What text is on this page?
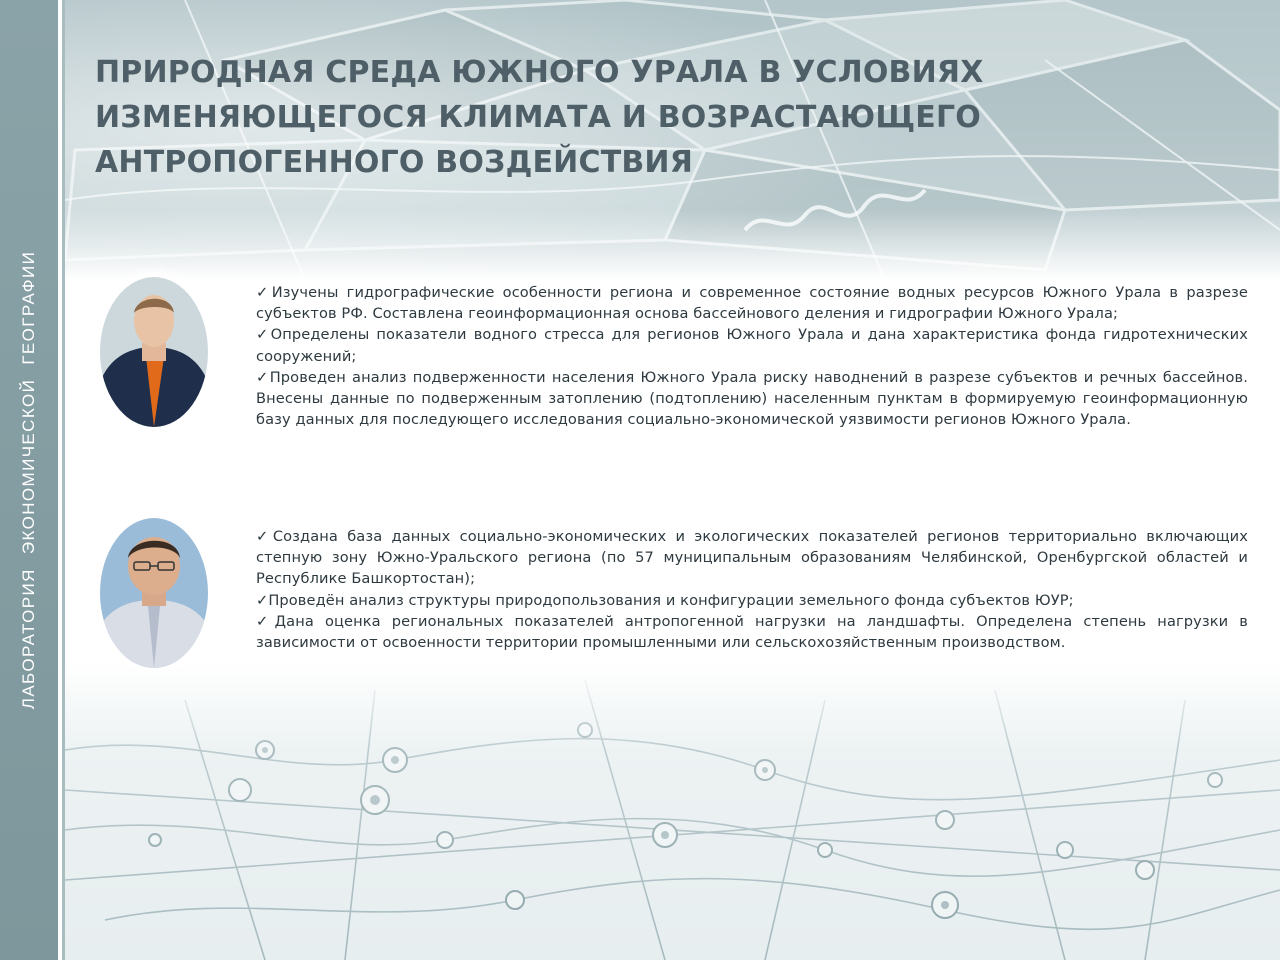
ЛАБОРАТОРИЯ ЭКОНОМИЧЕСКОЙ ГЕОГРАФИИ
ПРИРОДНАЯ СРЕДА ЮЖНОГО УРАЛА В УСЛОВИЯХ ИЗМЕНЯЮЩЕГОСЯ КЛИМАТА И ВОЗРАСТАЮЩЕГО АНТРОПОГЕННОГО ВОЗДЕЙСТВИЯ

✓Изучены гидрографические особенности региона и современное состояние водных ресурсов Южного Урала в разрезе субъектов РФ. Составлена геоинформационная основа бассейнового деления и гидрографии Южного Урала;

✓Определены показатели водного стресса для регионов Южного Урала и дана характеристика фонда гидротехнических сооружений;

✓Проведен анализ подверженности населения Южного Урала риску наводнений в разрезе субъектов и речных бассейнов. Внесены данные по подверженным затоплению (подтоплению) населенным пунктам в формируемую геоинформационную базу данных для последующего исследования социально-экономической уязвимости регионов Южного Урала.

✓Создана база данных социально-экономических и экологических показателей регионов территориально включающих степную зону Южно-Уральского региона (по 57 муниципальным образованиям Челябинской, Оренбургской областей и Республике Башкортостан);

✓Проведён анализ структуры природопользования и конфигурации земельного фонда субъектов ЮУР;

✓Дана оценка региональных показателей антропогенной нагрузки на ландшафты. Определена степень нагрузки в зависимости от освоенности территории промышленными или сельскохозяйственным производством.
